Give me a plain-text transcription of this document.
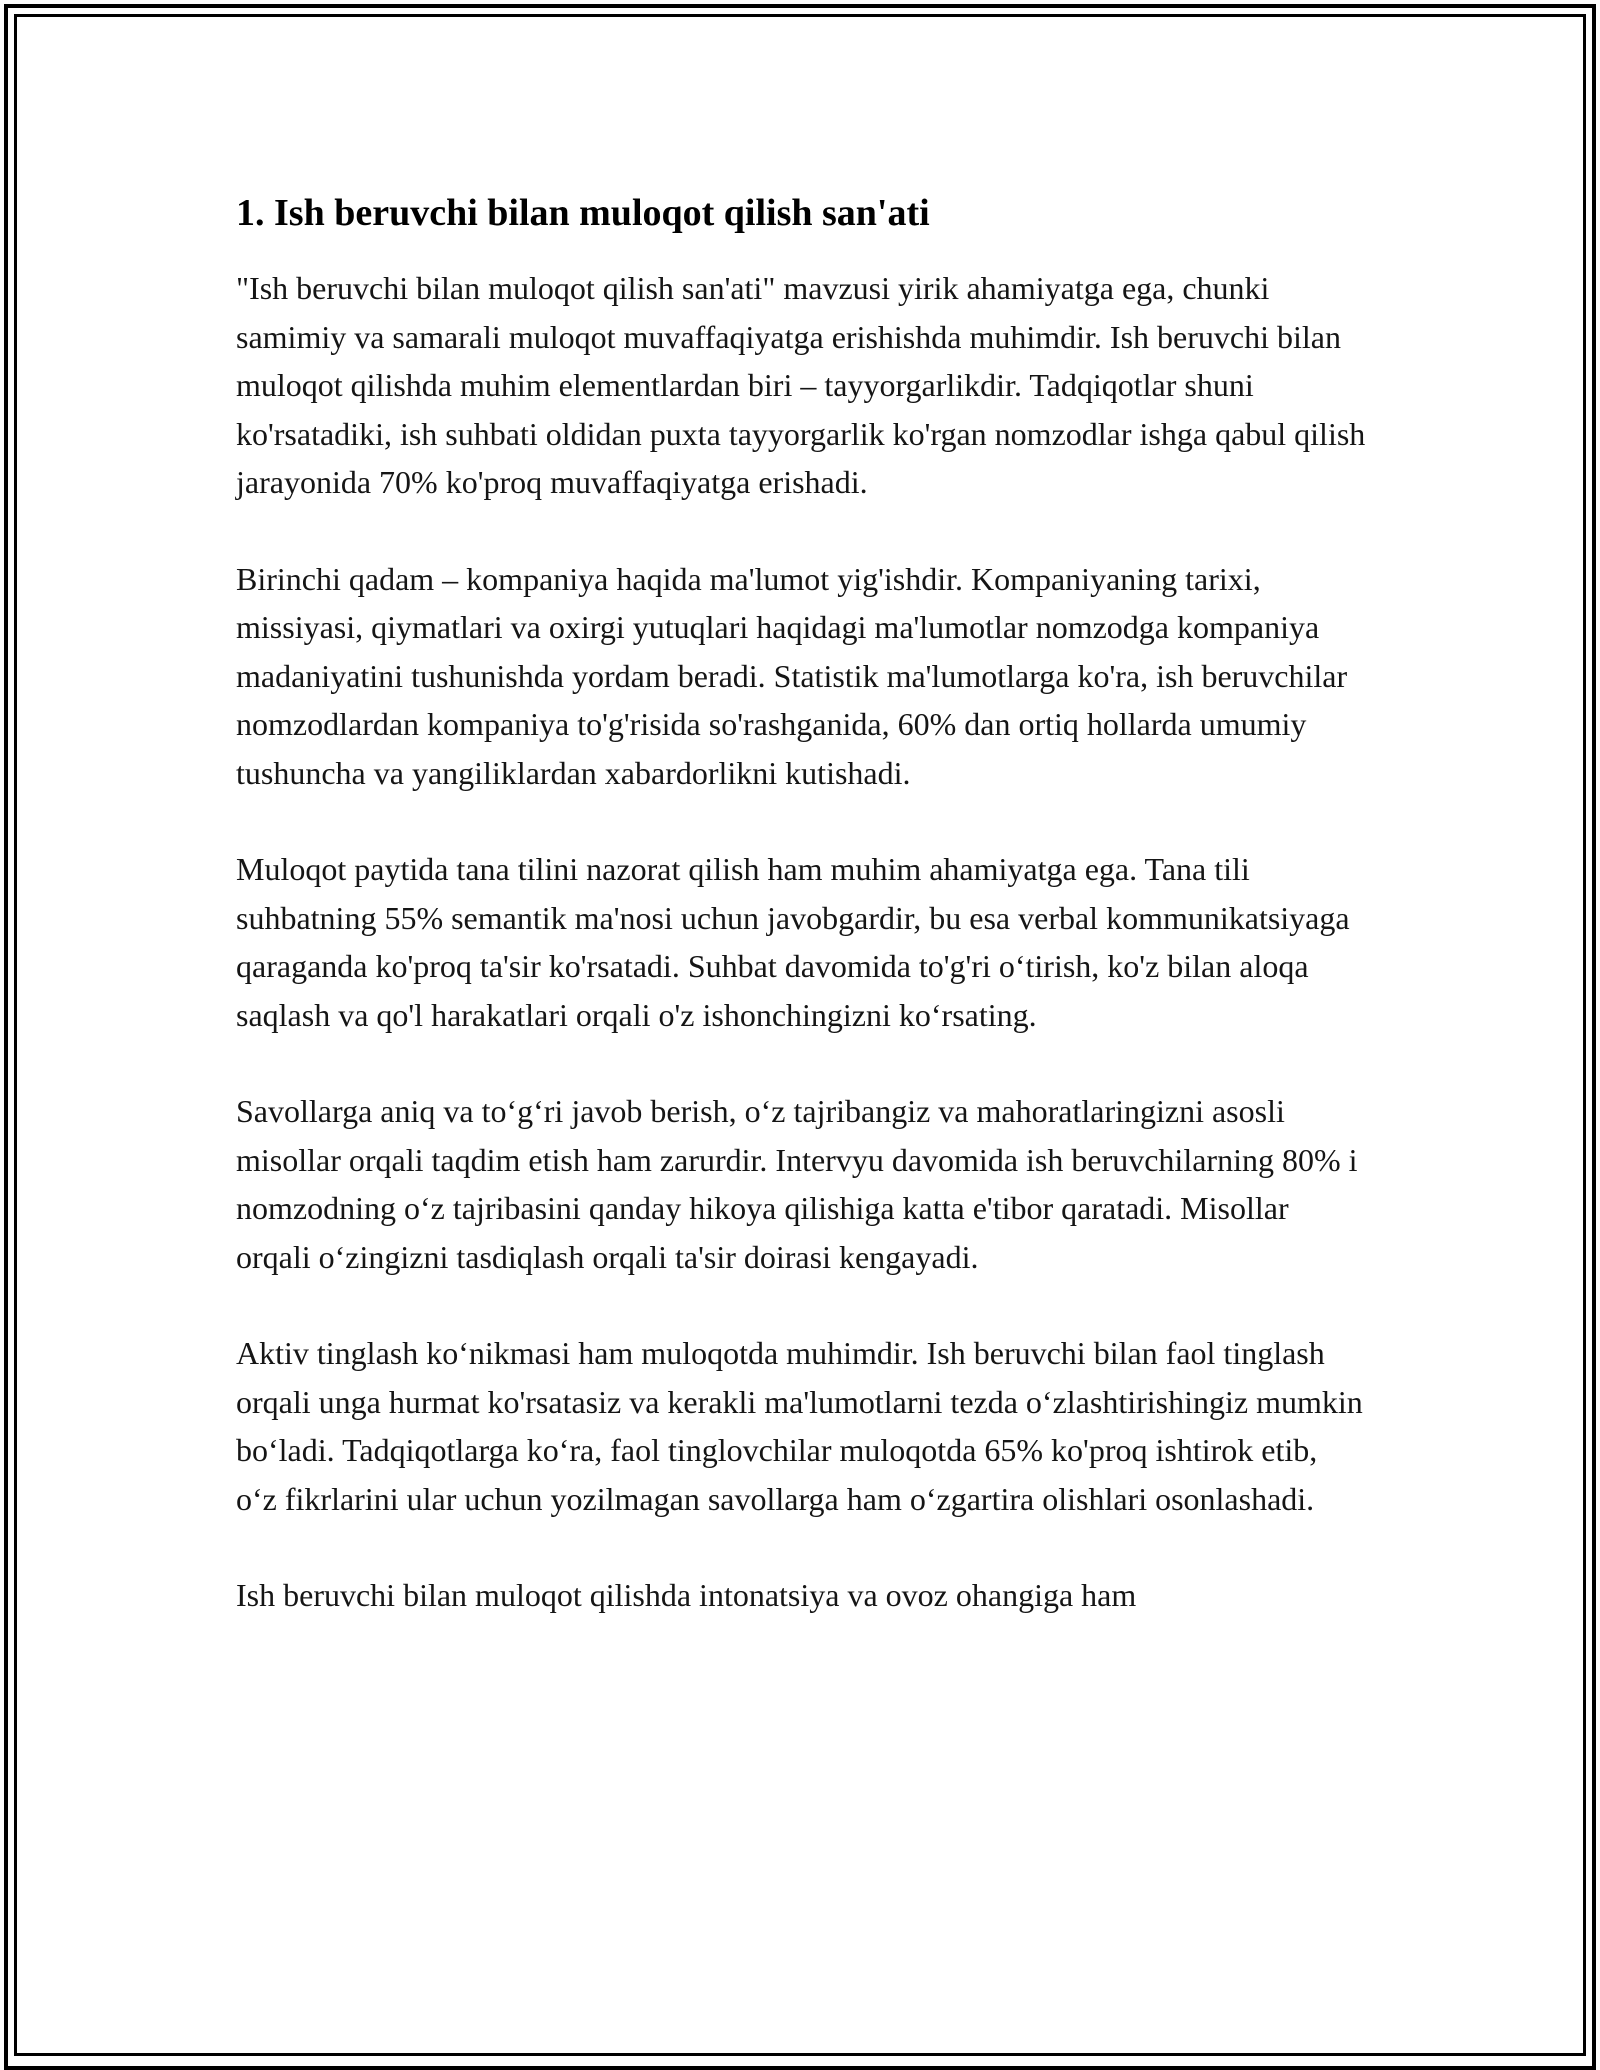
1. Ish beruvchi bilan muloqot qilish san'ati

"Ish beruvchi bilan muloqot qilish san'ati" mavzusi yirik ahamiyatga ega, chunki samimiy va samarali muloqot muvaffaqiyatga erishishda muhimdir. Ish beruvchi bilan muloqot qilishda muhim elementlardan biri – tayyorgarlikdir. Tadqiqotlar shuni ko'rsatadiki, ish suhbati oldidan puxta tayyorgarlik ko'rgan nomzodlar ishga qabul qilish jarayonida 70% ko'proq muvaffaqiyatga erishadi.

Birinchi qadam – kompaniya haqida ma'lumot yig'ishdir. Kompaniyaning tarixi, missiyasi, qiymatlari va oxirgi yutuqlari haqidagi ma'lumotlar nomzodga kompaniya madaniyatini tushunishda yordam beradi. Statistik ma'lumotlarga ko'ra, ish beruvchilar nomzodlardan kompaniya to'g'risida so'rashganida, 60% dan ortiq hollarda umumiy tushuncha va yangiliklardan xabardorlikni kutishadi.

Muloqot paytida tana tilini nazorat qilish ham muhim ahamiyatga ega. Tana tili suhbatning 55% semantik ma'nosi uchun javobgardir, bu esa verbal kommunikatsiyaga qaraganda ko'proq ta'sir ko'rsatadi. Suhbat davomida to'g'ri oʻtirish, ko'z bilan aloqa saqlash va qo'l harakatlari orqali o'z ishonchingizni koʻrsating.

Savollarga aniq va toʻgʻri javob berish, oʻz tajribangiz va mahoratlaringizni asosli misollar orqali taqdim etish ham zarurdir. Intervyu davomida ish beruvchilarning 80% i nomzodning oʻz tajribasini qanday hikoya qilishiga katta e'tibor qaratadi. Misollar orqali oʻzingizni tasdiqlash orqali ta'sir doirasi kengayadi.

Aktiv tinglash koʻnikmasi ham muloqotda muhimdir. Ish beruvchi bilan faol tinglash orqali unga hurmat ko'rsatasiz va kerakli ma'lumotlarni tezda oʻzlashtirishingiz mumkin boʻladi. Tadqiqotlarga koʻra, faol tinglovchilar muloqotda 65% ko'proq ishtirok etib, oʻz fikrlarini ular uchun yozilmagan savollarga ham oʻzgartira olishlari osonlashadi.

Ish beruvchi bilan muloqot qilishda intonatsiya va ovoz ohangiga ham
